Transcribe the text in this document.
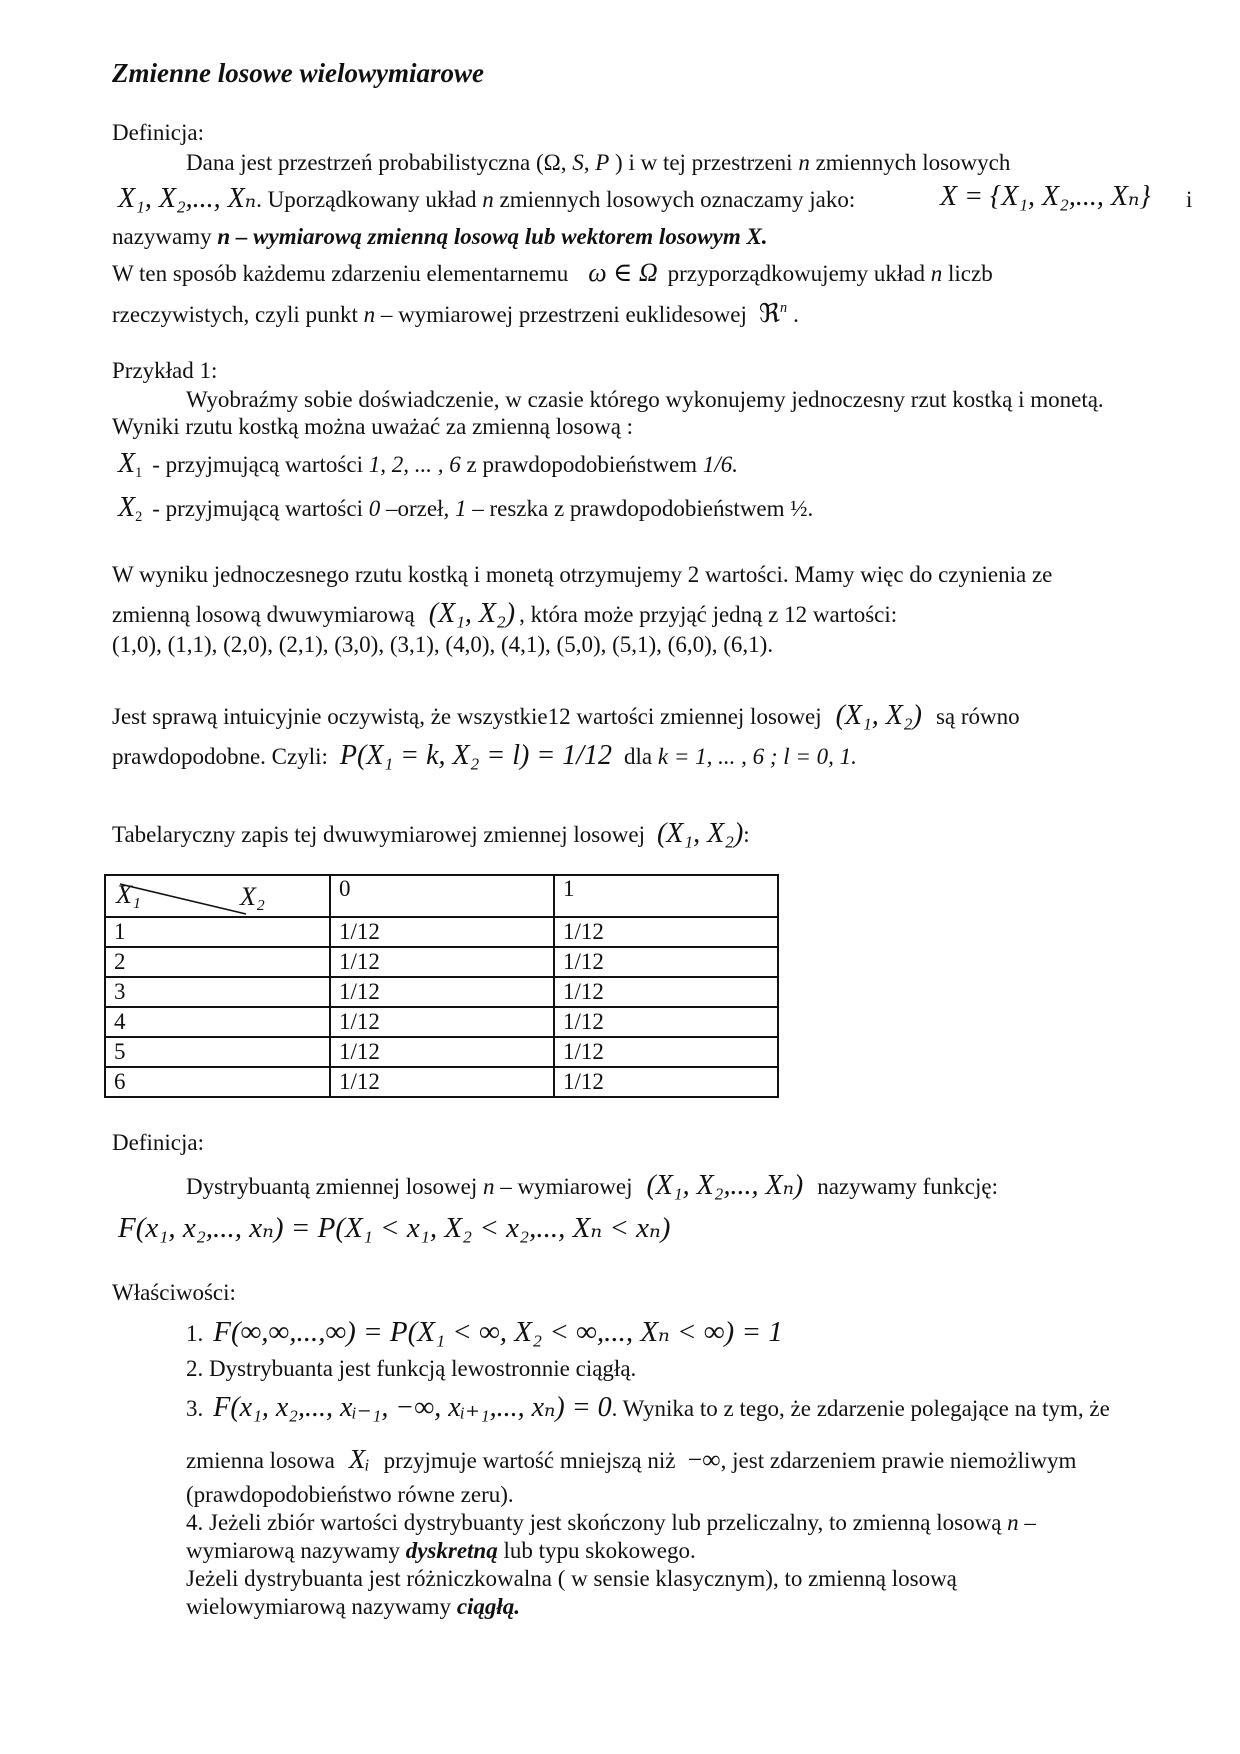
Zmienne losowe wielowymiarowe
Definicja:
Dana jest przestrzeń probabilistyczna (Ω, S, P ) i w tej przestrzeni n zmiennych losowych
X₁, X₂,..., Xₙ. Uporządkowany układ n zmiennych losowych oznaczamy jako:	X = {X₁, X₂,..., Xₙ} i
nazywamy n – wymiarową zmienną losową lub wektorem losowym X.
W ten sposób każdemu zdarzeniu elementarnemu ω ∈ Ω przyporządkowujemy układ n liczb
rzeczywistych, czyli punkt n – wymiarowej przestrzeni euklidesowej ℜ$^n$ .
Przykład 1:
Wyobraźmy sobie doświadczenie, w czasie którego wykonujemy jednoczesny rzut kostką i monetą.
Wyniki rzutu kostką można uważać za zmienną losową :
$X_1$ - przyjmującą wartości 1, 2, ... , 6 z prawdopodobieństwem 1/6.
$X_2$ - przyjmującą wartości 0 –orzeł, 1 – reszka z prawdopodobieństwem ½.
W wyniku jednoczesnego rzutu kostką i monetą otrzymujemy 2 wartości. Mamy więc do czynienia ze
zmienną losową dwuwymiarową (X₁, X₂) , która może przyjąć jedną z 12 wartości:
(1,0), (1,1), (2,0), (2,1), (3,0), (3,1), (4,0), (4,1), (5,0), (5,1), (6,0), (6,1).
Jest sprawą intuicyjnie oczywistą, że wszystkie12 wartości zmiennej losowej (X₁, X₂) są równo
prawdopodobne. Czyli: P(X₁ = k, X₂ = l) = 1/12 dla k = 1, ... , 6 ; l = 0, 1.
Tabelaryczny zapis tej dwuwymiarowej zmiennej losowej (X₁, X₂):
X₁ X₂	0	1
1	1/12	1/12
2	1/12	1/12
3	1/12	1/12
4	1/12	1/12
5	1/12	1/12
6	1/12	1/12
Definicja:
Dystrybuantą zmiennej losowej n – wymiarowej (X₁, X₂,..., Xₙ) nazywamy funkcję:
F(x₁, x₂,..., xₙ) = P(X₁ < x₁, X₂ < x₂,..., Xₙ < xₙ)
Właściwości:
1. F(∞,∞,...,∞) = P(X₁ < ∞, X₂ < ∞,..., Xₙ < ∞) = 1
2. Dystrybuanta jest funkcją lewostronnie ciągłą.
3. F(x₁, x₂,..., xᵢ₋₁, −∞, xᵢ₊₁,..., xₙ) = 0. Wynika to z tego, że zdarzenie polegające na tym, że
zmienna losowa Xᵢ przyjmuje wartość mniejszą niż −∞, jest zdarzeniem prawie niemożliwym
(prawdopodobieństwo równe zeru).
4. Jeżeli zbiór wartości dystrybuanty jest skończony lub przeliczalny, to zmienną losową n –
wymiarową nazywamy dyskretną lub typu skokowego.
Jeżeli dystrybuanta jest różniczkowalna ( w sensie klasycznym), to zmienną losową
wielowymiarową nazywamy ciągłą.
